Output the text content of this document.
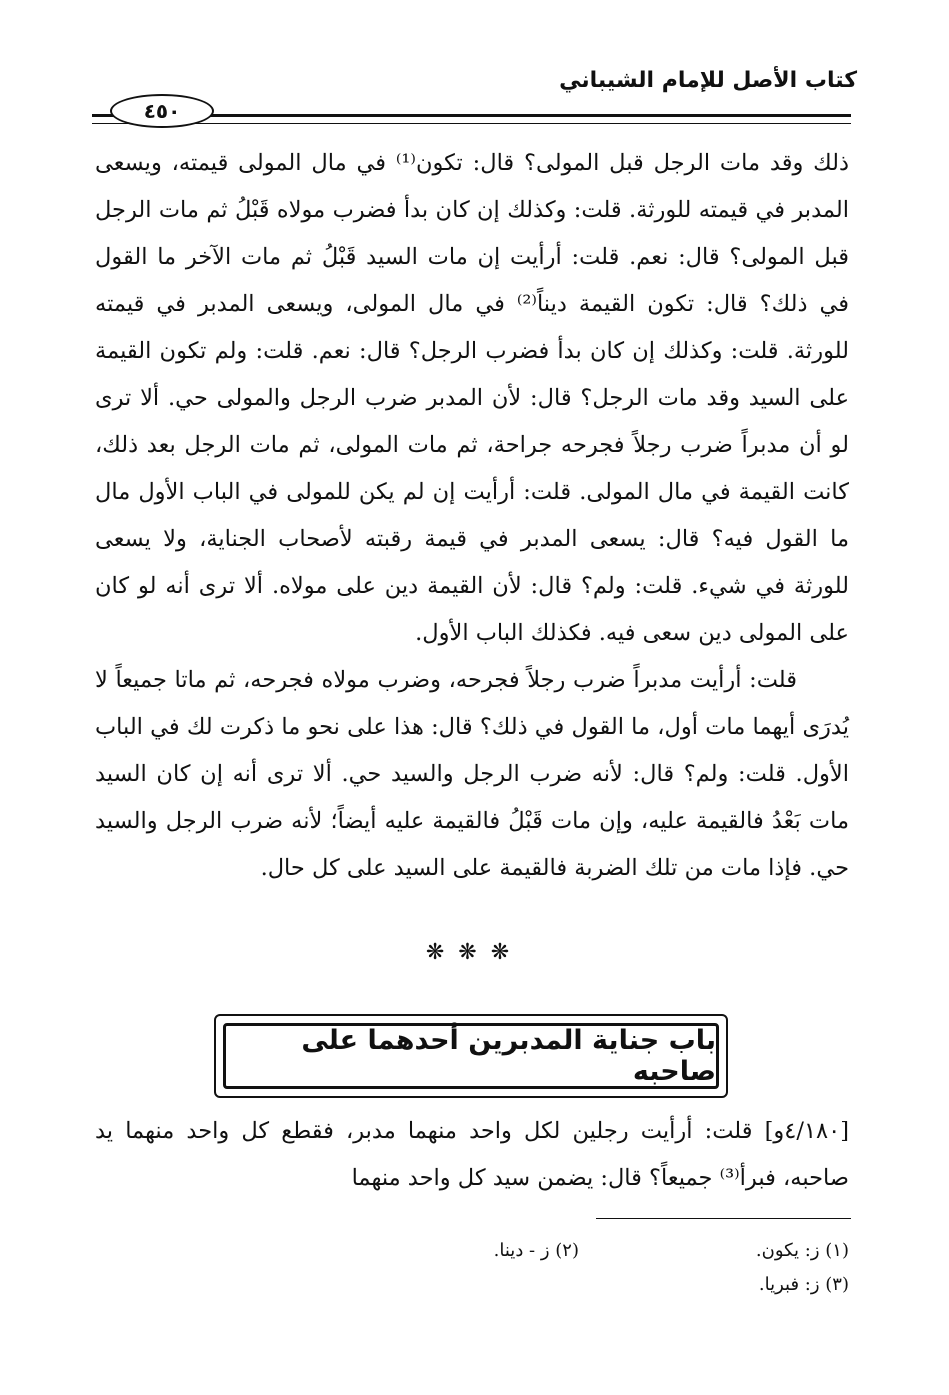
كتاب الأصل للإمام الشيباني
٤٥٠

ذلك وقد مات الرجل قبل المولى؟ قال: تكون⁽¹⁾ في مال المولى قيمته، ويسعى المدبر في قيمته للورثة. قلت: وكذلك إن كان بدأ فضرب مولاه قَبْلُ ثم مات الرجل قبل المولى؟ قال: نعم. قلت: أرأيت إن مات السيد قَبْلُ ثم مات الآخر ما القول في ذلك؟ قال: تكون القيمة ديناً⁽²⁾ في مال المولى، ويسعى المدبر في قيمته للورثة. قلت: وكذلك إن كان بدأ فضرب الرجل؟ قال: نعم. قلت: ولم تكون القيمة على السيد وقد مات الرجل؟ قال: لأن المدبر ضرب الرجل والمولى حي. ألا ترى لو أن مدبراً ضرب رجلاً فجرحه جراحة، ثم مات المولى، ثم مات الرجل بعد ذلك، كانت القيمة في مال المولى. قلت: أرأيت إن لم يكن للمولى في الباب الأول مال ما القول فيه؟ قال: يسعى المدبر في قيمة رقبته لأصحاب الجناية، ولا يسعى للورثة في شيء. قلت: ولم؟ قال: لأن القيمة دين على مولاه. ألا ترى أنه لو كان على المولى دين سعى فيه. فكذلك الباب الأول.

قلت: أرأيت مدبراً ضرب رجلاً فجرحه، وضرب مولاه فجرحه، ثم ماتا جميعاً لا يُدرَى أيهما مات أول، ما القول في ذلك؟ قال: هذا على نحو ما ذكرت لك في الباب الأول. قلت: ولم؟ قال: لأنه ضرب الرجل والسيد حي. ألا ترى أنه إن كان السيد مات بَعْدُ فالقيمة عليه، وإن مات قَبْلُ فالقيمة عليه أيضاً؛ لأنه ضرب الرجل والسيد حي. فإذا مات من تلك الضربة فالقيمة على السيد على كل حال.

❋❋❋
باب جناية المدبرين أحدهما على صاحبه

[٤/١٨٠و] قلت: أرأيت رجلين لكل واحد منهما مدبر، فقطع كل واحد منهما يد صاحبه، فبرأ⁽³⁾ جميعاً؟ قال: يضمن سيد كل واحد منهما

(١) ز: يكون.
(٢) ز - دينا.
(٣) ز: فبريا.
